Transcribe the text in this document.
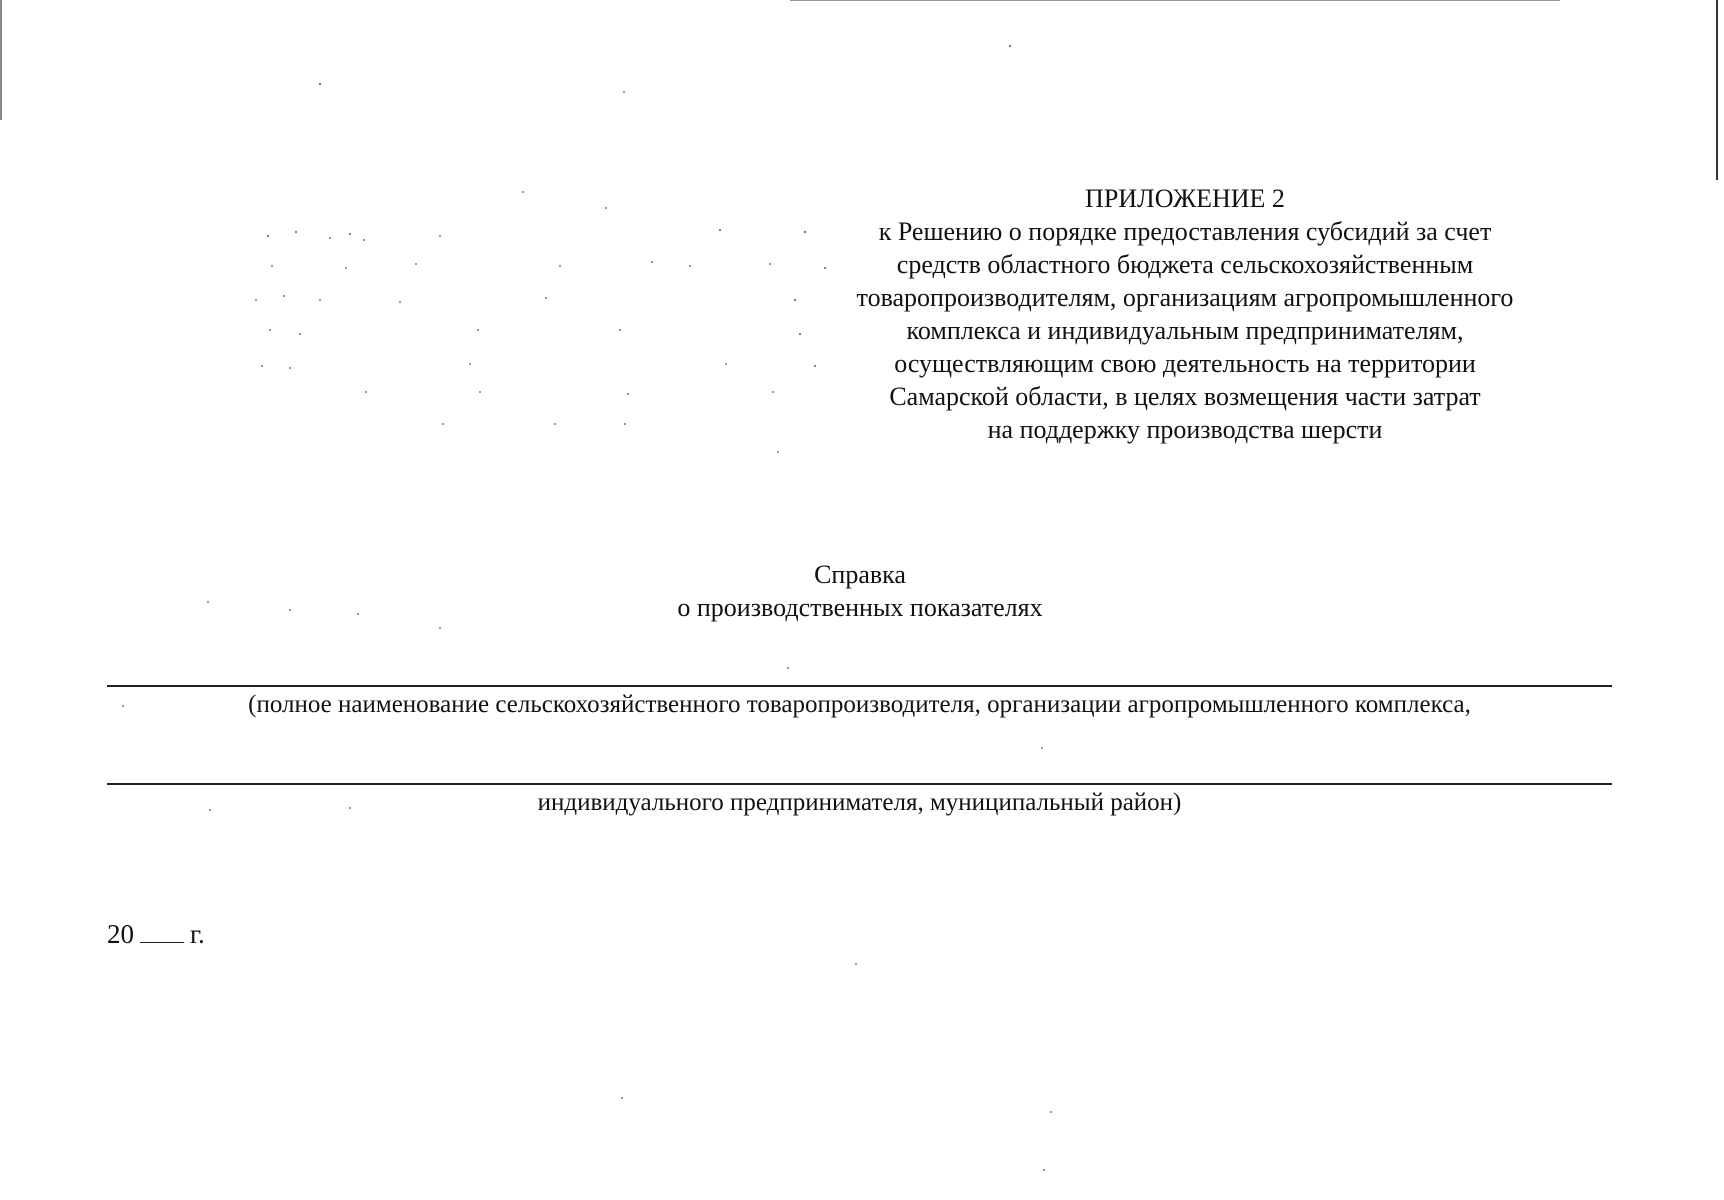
ПРИЛОЖЕНИЕ 2
к Решению о порядке предоставления субсидий за счет
средств областного бюджета сельскохозяйственным
товаропроизводителям, организациям агропромышленного
комплекса и индивидуальным предпринимателям,
осуществляющим свою деятельность на территории
Самарской области, в целях возмещения части затрат
на поддержку производства шерсти
Справка
о производственных показателях
(полное наименование сельскохозяйственного товаропроизводителя, организации агропромышленного комплекса,
индивидуального предпринимателя, муниципальный район)
20 г.
